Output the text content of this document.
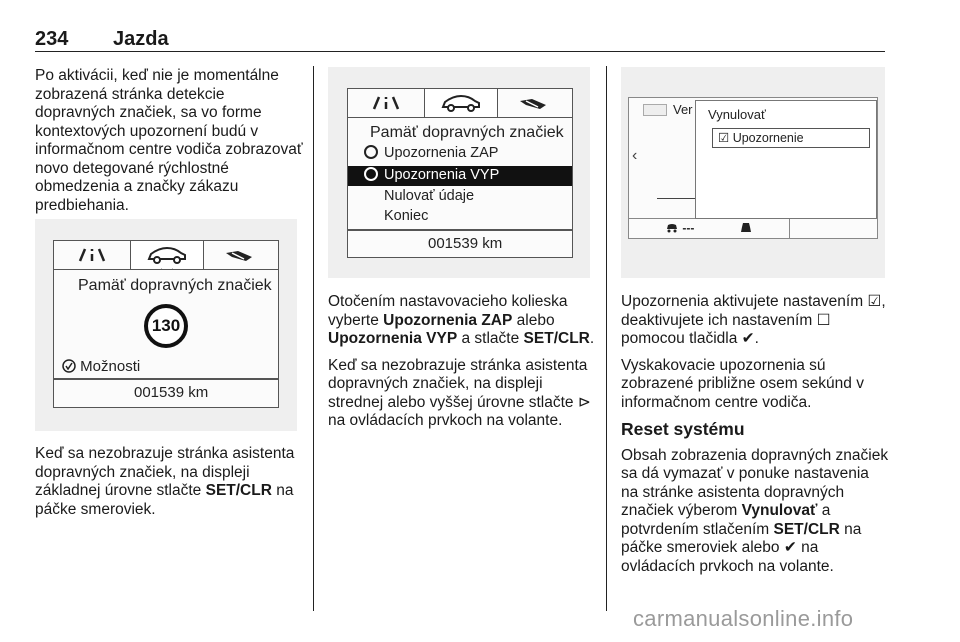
234 Jazda

Po aktivácii, keď nie je momentálne zobrazená stránka detekcie dopravných značiek, sa vo forme kontextových upozornení budú v informačnom centre vodiča zobrazovať novo detegované rýchlostné obmedzenia a značky zákazu predbiehania.

Pamäť dopravných značiek
130
Možnosti
001539 km

Keď sa nezobrazuje stránka asistenta dopravných značiek, na displeji základnej úrovne stlačte SET/CLR na páčke smeroviek.

Pamäť dopravných značiek
Upozornenia ZAP
Upozornenia VYP
Nulovať údaje
Koniec
001539 km

Otočením nastavovacieho kolieska vyberte Upozornenia ZAP alebo Upozornenia VYP a stlačte SET/CLR.

Keď sa nezobrazuje stránka asistenta dopravných značiek, na displeji strednej alebo vyššej úrovne stlačte ⊳ na ovládacích prvkoch na volante.

Ver
‹
---
Vynulovať
☑ Upozornenie

Upozornenia aktivujete nastavením ☑, deaktivujete ich nastavením ☐ pomocou tlačidla ✔.

Vyskakovacie upozornenia sú zobrazené približne osem sekúnd v informačnom centre vodiča.

Reset systému

Obsah zobrazenia dopravných značiek sa dá vymazať v ponuke nastavenia na stránke asistenta dopravných značiek výberom Vynulovať a potvrdením stlačením SET/CLR na páčke smeroviek alebo ✔ na ovládacích prvkoch na volante.

carmanualsonline.info
